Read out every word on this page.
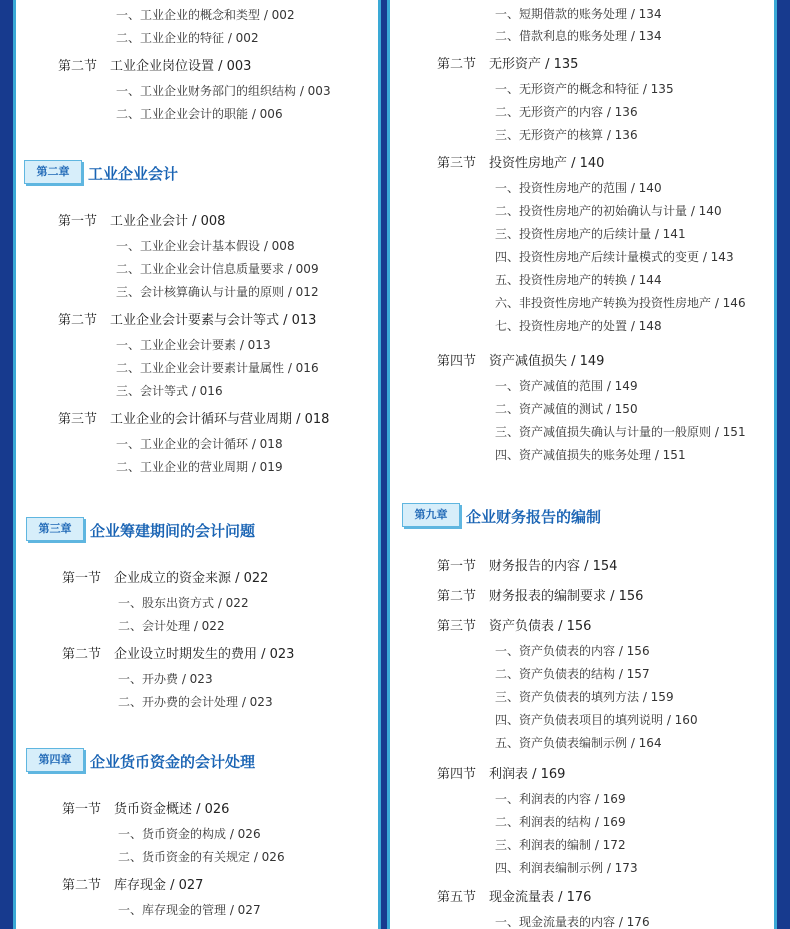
一、工业企业的概念和类型 / 002
二、工业企业的特征 / 002
第二节　工业企业岗位设置 / 003
一、工业企业财务部门的组织结构 / 003
二、工业企业会计的职能 / 006
第二章	工业企业会计
第一节　工业企业会计 / 008
一、工业企业会计基本假设 / 008
二、工业企业会计信息质量要求 / 009
三、会计核算确认与计量的原则 / 012
第二节　工业企业会计要素与会计等式 / 013
一、工业企业会计要素 / 013
二、工业企业会计要素计量属性 / 016
三、会计等式 / 016
第三节　工业企业的会计循环与营业周期 / 018
一、工业企业的会计循环 / 018
二、工业企业的营业周期 / 019
第三章	企业筹建期间的会计问题
第一节　企业成立的资金来源 / 022
一、股东出资方式 / 022
二、会计处理 / 022
第二节　企业设立时期发生的费用 / 023
一、开办费 / 023
二、开办费的会计处理 / 023
第四章	企业货币资金的会计处理
第一节　货币资金概述 / 026
一、货币资金的构成 / 026
二、货币资金的有关规定 / 026
第二节　库存现金 / 027
一、库存现金的管理 / 027
一、短期借款的账务处理 / 134
二、借款利息的账务处理 / 134
第二节　无形资产 / 135
一、无形资产的概念和特征 / 135
二、无形资产的内容 / 136
三、无形资产的核算 / 136
第三节　投资性房地产 / 140
一、投资性房地产的范围 / 140
二、投资性房地产的初始确认与计量 / 140
三、投资性房地产的后续计量 / 141
四、投资性房地产后续计量模式的变更 / 143
五、投资性房地产的转换 / 144
六、非投资性房地产转换为投资性房地产 / 146
七、投资性房地产的处置 / 148
第四节　资产减值损失 / 149
一、资产减值的范围 / 149
二、资产减值的测试 / 150
三、资产减值损失确认与计量的一般原则 / 151
四、资产减值损失的账务处理 / 151
第九章	企业财务报告的编制
第一节　财务报告的内容 / 154
第二节　财务报表的编制要求 / 156
第三节　资产负债表 / 156
一、资产负债表的内容 / 156
二、资产负债表的结构 / 157
三、资产负债表的填列方法 / 159
四、资产负债表项目的填列说明 / 160
五、资产负债表编制示例 / 164
第四节　利润表 / 169
一、利润表的内容 / 169
二、利润表的结构 / 169
三、利润表的编制 / 172
四、利润表编制示例 / 173
第五节　现金流量表 / 176
一、现金流量表的内容 / 176
